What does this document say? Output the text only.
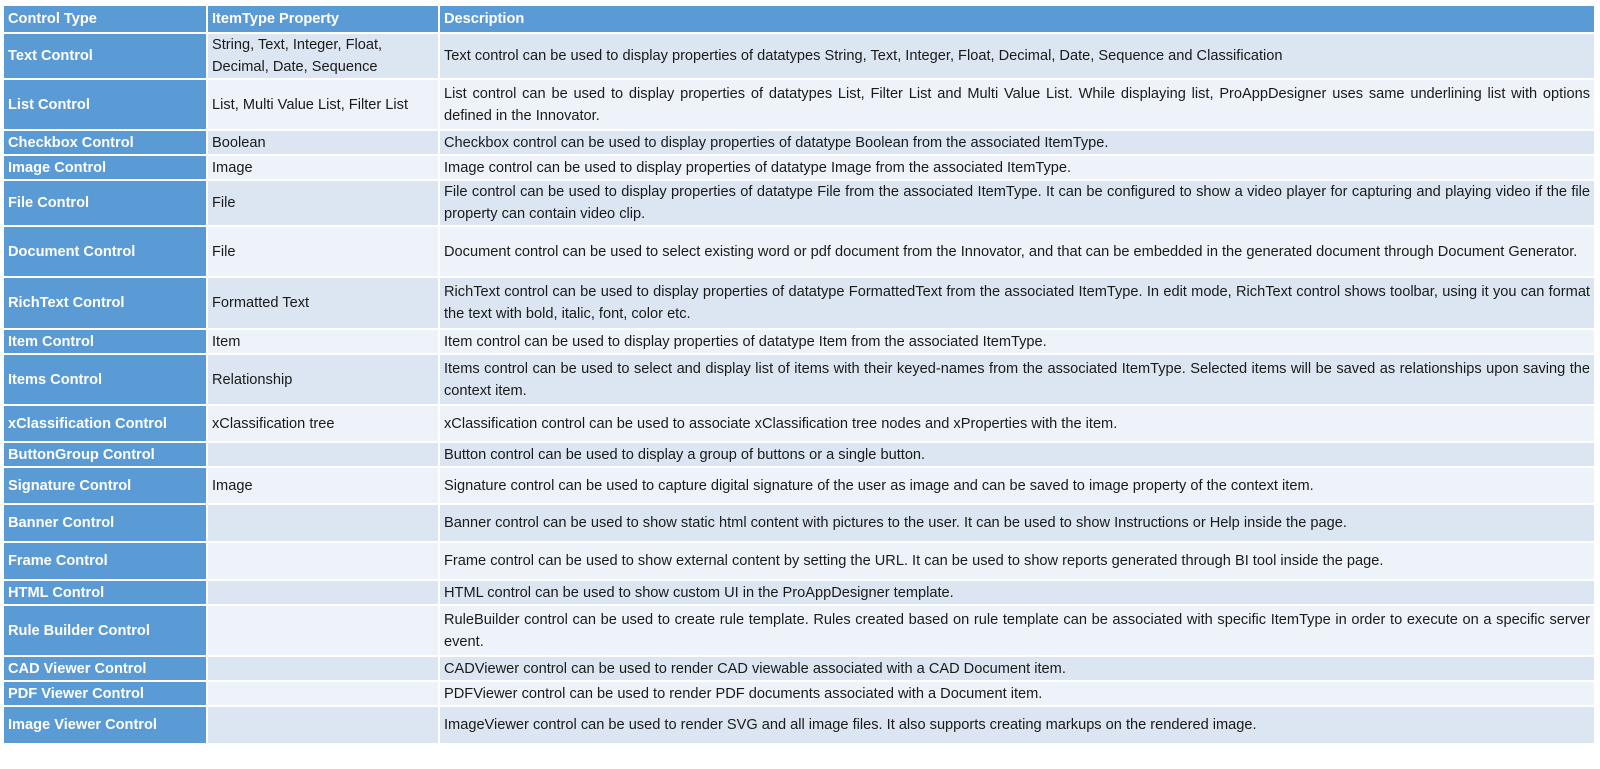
Control Type	ItemType Property	Description
Text Control	String, Text, Integer, Float, Decimal, Date, Sequence	Text control can be used to display properties of datatypes String, Text, Integer, Float, Decimal, Date, Sequence and Classification
List Control	List, Multi Value List, Filter List	List control can be used to display properties of datatypes List, Filter List and Multi Value List. While displaying list, ProAppDesigner uses same underlining list with options defined in the Innovator.
Checkbox Control	Boolean	Checkbox control can be used to display properties of datatype Boolean from the associated ItemType.
Image Control	Image	Image control can be used to display properties of datatype Image from the associated ItemType.
File Control	File	File control can be used to display properties of datatype File from the associated ItemType. It can be configured to show a video player for capturing and playing video if the file property can contain video clip.
Document Control	File	Document control can be used to select existing word or pdf document from the Innovator, and that can be embedded in the generated document through Document Generator.
RichText Control	Formatted Text	RichText control can be used to display properties of datatype FormattedText from the associated ItemType. In edit mode, RichText control shows toolbar, using it you can format the text with bold, italic, font, color etc.
Item Control	Item	Item control can be used to display properties of datatype Item from the associated ItemType.
Items Control	Relationship	Items control can be used to select and display list of items with their keyed-names from the associated ItemType. Selected items will be saved as relationships upon saving the context item.
xClassification Control	xClassification tree	xClassification control can be used to associate xClassification tree nodes and xProperties with the item.
ButtonGroup Control		Button control can be used to display a group of buttons or a single button.
Signature Control	Image	Signature control can be used to capture digital signature of the user as image and can be saved to image property of the context item.
Banner Control		Banner control can be used to show static html content with pictures to the user. It can be used to show Instructions or Help inside the page.
Frame Control		Frame control can be used to show external content by setting the URL. It can be used to show reports generated through BI tool inside the page.
HTML Control		HTML control can be used to show custom UI in the ProAppDesigner template.
Rule Builder Control		RuleBuilder control can be used to create rule template. Rules created based on rule template can be associated with specific ItemType in order to execute on a specific server event.
CAD Viewer Control		CADViewer control can be used to render CAD viewable associated with a CAD Document item.
PDF Viewer Control		PDFViewer control can be used to render PDF documents associated with a Document item.
Image Viewer Control		ImageViewer control can be used to render SVG and all image files. It also supports creating markups on the rendered image.
